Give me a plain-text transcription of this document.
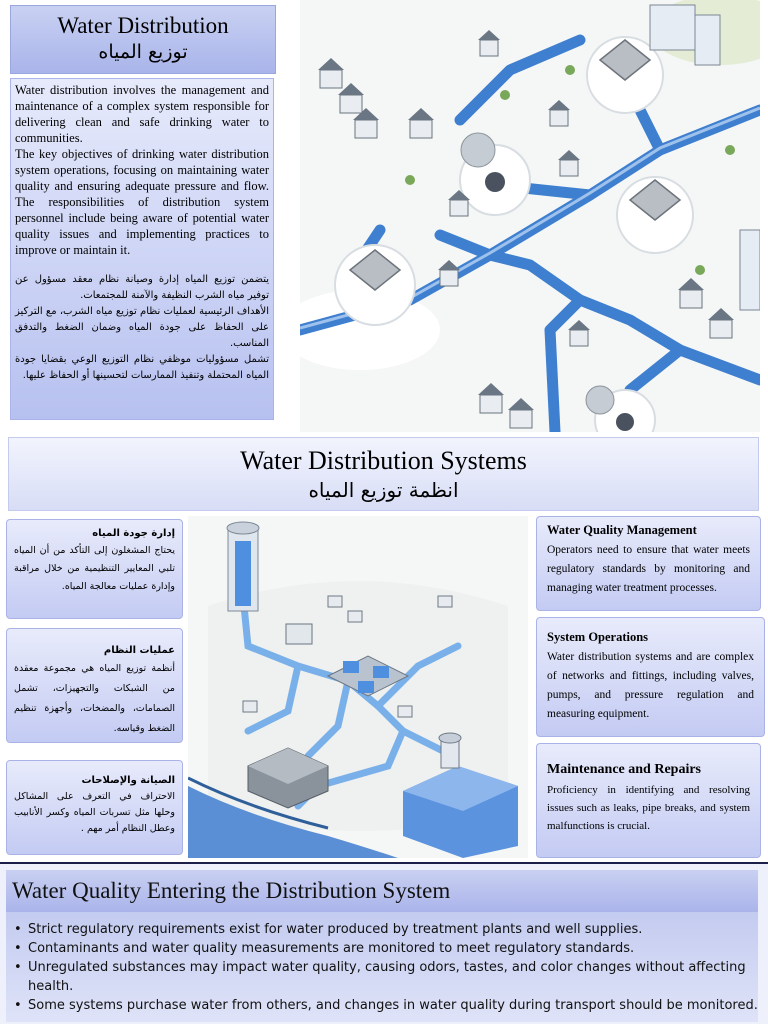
Water Distribution
توزيع المياه
Water distribution involves the management and maintenance of a complex system responsible for delivering clean and safe drinking water to communities.
The key objectives of drinking water distribution system operations, focusing on maintaining water quality and ensuring adequate pressure and flow. The responsibilities of distribution system personnel include being aware of potential water quality issues and implementing practices to improve or maintain it.
يتضمن توزيع المياه إدارة وصيانة نظام معقد مسؤول عن توفير مياه الشرب النظيفة والآمنة للمجتمعات.
الأهداف الرئيسية لعمليات نظام توزيع مياه الشرب، مع التركيز على الحفاظ على جودة المياه وضمان الضغط والتدفق المناسب.
تشمل مسؤوليات موظفي نظام التوزيع الوعي بقضايا جودة المياه المحتملة وتنفيذ الممارسات لتحسينها أو الحفاظ عليها.
Water Distribution Systems
انظمة توزيع المياه
إدارة جودة المياه
يحتاج المشغلون إلى التأكد من أن المياه تلبي المعايير التنظيمية من خلال مراقبة وإدارة عمليات معالجة المياه.
عمليات النظام
أنظمة توزيع المياه هي مجموعة معقدة من الشبكات والتجهيزات، تشمل الصمامات، والمضخات، وأجهزة تنظيم الضغط وقياسه.
الصيانة والإصلاحات
الاحتراف في التعرف على المشاكل وحلها مثل تسربات المياه وكسر الأنابيب وعطل النظام أمر مهم .
Water Quality Management
Operators need to ensure that water meets regulatory standards by monitoring and managing water treatment processes.
System Operations
Water distribution systems and are complex of networks and fittings, including valves, pumps, and pressure regulation and measuring equipment.
Maintenance and Repairs
Proficiency in identifying and resolving issues such as leaks, pipe breaks, and system malfunctions is crucial.
Water Quality Entering the Distribution System
• Strict regulatory requirements exist for water produced by treatment plants and well supplies.
• Contaminants and water quality measurements are monitored to meet regulatory standards.
• Unregulated substances may impact water quality, causing odors, tastes, and color changes without affecting health.
• Some systems purchase water from others, and changes in water quality during transport should be monitored.
